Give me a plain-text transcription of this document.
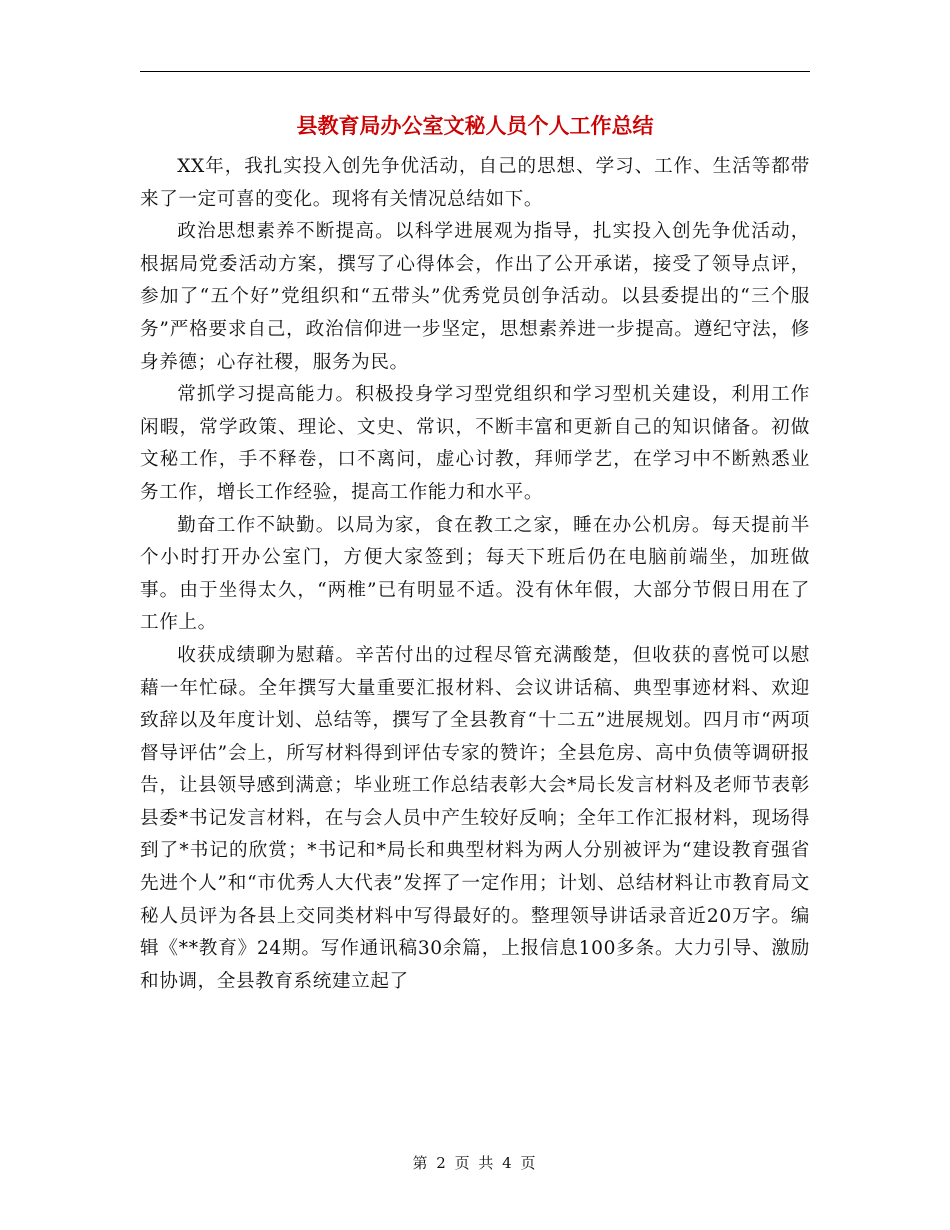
县教育局办公室文秘人员个人工作总结

XX年，我扎实投入创先争优活动，自己的思想、学习、工作、生活等都带来了一定可喜的变化。现将有关情况总结如下。

政治思想素养不断提高。以科学进展观为指导，扎实投入创先争优活动，根据局党委活动方案，撰写了心得体会，作出了公开承诺，接受了领导点评，参加了“五个好”党组织和“五带头”优秀党员创争活动。以县委提出的“三个服务”严格要求自己，政治信仰进一步坚定，思想素养进一步提高。遵纪守法，修身养德；心存社稷，服务为民。

常抓学习提高能力。积极投身学习型党组织和学习型机关建设，利用工作闲暇，常学政策、理论、文史、常识，不断丰富和更新自己的知识储备。初做文秘工作，手不释卷，口不离问，虚心讨教，拜师学艺，在学习中不断熟悉业务工作，增长工作经验，提高工作能力和水平。

勤奋工作不缺勤。以局为家，食在教工之家，睡在办公机房。每天提前半个小时打开办公室门，方便大家签到；每天下班后仍在电脑前端坐，加班做事。由于坐得太久，“两椎”已有明显不适。没有休年假，大部分节假日用在了工作上。

收获成绩聊为慰藉。辛苦付出的过程尽管充满酸楚，但收获的喜悦可以慰藉一年忙碌。全年撰写大量重要汇报材料、会议讲话稿、典型事迹材料、欢迎致辞以及年度计划、总结等，撰写了全县教育“十二五”进展规划。四月市“两项督导评估”会上，所写材料得到评估专家的赞许；全县危房、高中负债等调研报告，让县领导感到满意；毕业班工作总结表彰大会*局长发言材料及老师节表彰县委*书记发言材料，在与会人员中产生较好反响；全年工作汇报材料，现场得到了*书记的欣赏；*书记和*局长和典型材料为两人分别被评为“建设教育强省先进个人”和“市优秀人大代表”发挥了一定作用；计划、总结材料让市教育局文秘人员评为各县上交同类材料中写得最好的。整理领导讲话录音近20万字。编辑《**教育》24期。写作通讯稿30余篇，上报信息100多条。大力引导、激励和协调，全县教育系统建立起了

第 2 页 共 4 页
